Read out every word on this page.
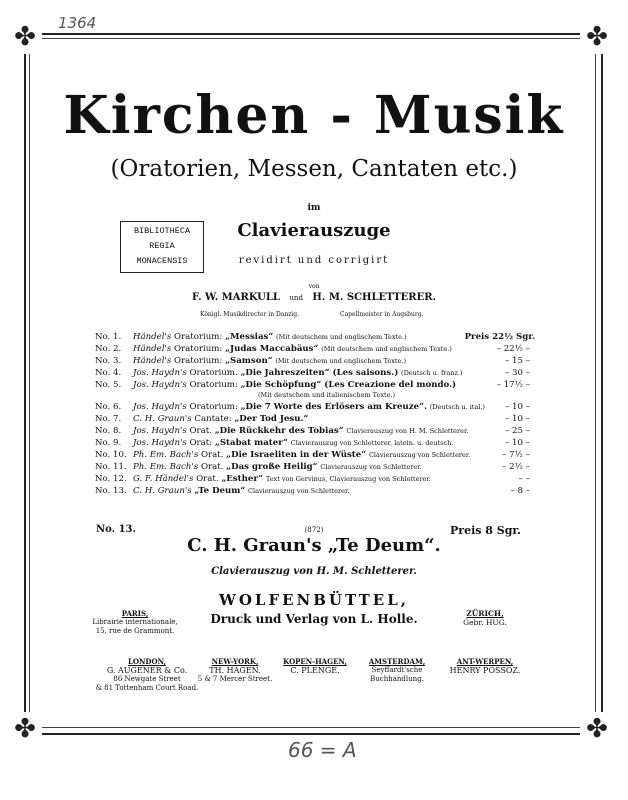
1364
66 = A
✤	✤
✤	✤
Kirchen - Musik
(Oratorien, Messen, Cantaten etc.)
im
Clavierauszuge
revidirt und corrigirt
von
BIBLIOTHECA
REGIA
MONACENSIS
F. W. MARKULL und H. M. SCHLETTERER.
Königl. Musikdirector in Danzig.	Capellmeister in Augsburg.
No. 1.	Händel's Oratorium: „Messias“ (Mit deutschem und englischem Texte.)	Preis 22½ Sgr.
No. 2.	Händel's Oratorium: „Judas Maccabäus“ (Mit deutschem und englischem Texte.)	– 22½ –
No. 3.	Händel's Oratorium: „Samson“ (Mit deutschem und englischem Texte.)	– 15 –
No. 4.	Jos. Haydn's Oratorium. „Die Jahreszeiten“ (Les saisons.) (Deutsch u. franz.)	– 30 –
No. 5.	Jos. Haydn's Oratorium: „Die Schöpfung“ (Les Creazione del mondo.)	– 17½ –
(Mit deutschem und italienischem Texte.)
No. 6.	Jos. Haydn's Oratorium: „Die 7 Worte des Erlösers am Kreuze“. (Deutsch u. ital.)	– 10 –
No. 7.	C. H. Graun's Cantate: „Der Tod Jesu.“	– 10 –
No. 8.	Jos. Haydn's Orat. „Die Rückkehr des Tobias“ Clavierauszug von H. M. Schletterer.	– 25 –
No. 9.	Jos. Haydn's Orat: „Stabat mater“ Clavierauszug von Schletterer, latein. u. deutsch.	– 10 –
No. 10. Ph. Em. Bach's Orat. „Die Israeliten in der Wüste“ Clavierauszug von Schletterer.	– 7½ –
No. 11. Ph. Em. Bach's Orat. „Das große Heilig“ Clavierauszug von Schletterer.	– 2½ –
No. 12. G. F. Händel's Orat. „Esther“ Text von Gervinus, Clavierauszug von Schletterer.	– –
No. 13. C. H. Graun's „Te Deum“ Clavierauszug von Schletterer.	– 8 –
No. 13.	(872)	Preis 8 Sgr.
C. H. Graun's „Te Deum“.
Clavierauszug von H. M. Schletterer.
WOLFENBÜTTEL,
Druck und Verlag von L. Holle.
PARIS,
Librairie internationale,
15, rue de Grammont.
ZÜRICH,
Gebr. HUG.
LONDON,
G. AUGENER & Co.
86 Newgate Street
& 81 Tottenham Court Road.
NEW-YORK,
TH. HAGEN.
5 & 7 Mercer Street.
KOPEN-HAGEN,
C. PLENGE.
AMSTERDAM,
Seyffardt'sche
Buchhandlung.
ANT-WERPEN,
HENRY POSSOZ.
